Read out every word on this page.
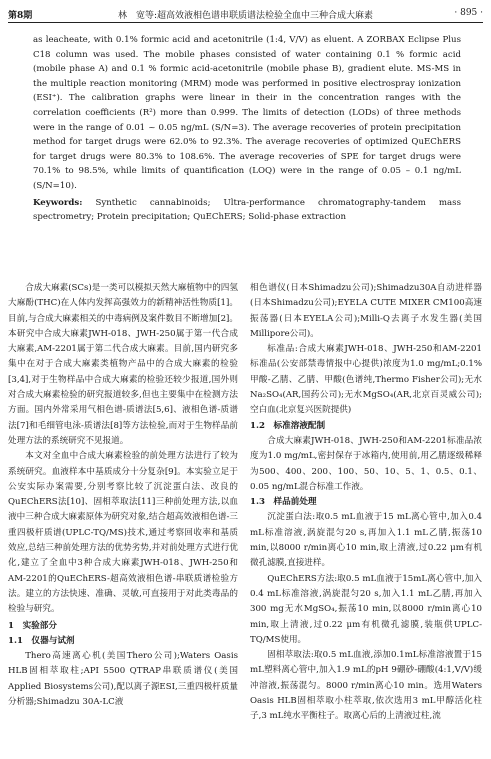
第8期	林　宽等:超高效液相色谱串联质谱法检验全血中三种合成大麻素	· 895 ·

as leacheate, with 0.1% formic acid and acetonitrile (1:4, V/V) as eluent. A ZORBAX Eclipse Plus C18 column was used. The mobile phases consisted of water containing 0.1 % formic acid (mobile phase A) and 0.1 % formic acid-acetonitrile (mobile phase B), gradient elute. MS-MS in the multiple reaction monitoring (MRM) mode was performed in positive electrospray ionization (ESI⁺). The calibration graphs were linear in their in the concentration ranges with the correlation coefficients (R²) more than 0.999. The limits of detection (LODs) of three methods were in the range of 0.01 ~ 0.05 ng/mL (S/N=3). The average recoveries of protein precipitation method for target drugs were 62.0% to 92.3%. The average recoveries of optimized QuEChERS for target drugs were 80.3% to 108.6%. The average recoveries of SPE for target drugs were 70.1% to 98.5%, while limits of quantification (LOQ) were in the range of 0.05 – 0.1 ng/mL (S/N=10).

Keywords: Synthetic cannabinoids; Ultra-performance chromatography-tandem mass spectrometry; Protein precipitation; QuEChERS; Solid-phase extraction

合成大麻素(SCs)是一类可以模拟天然大麻植物中的四氢大麻酚(THC)在人体内发挥高强效力的新精神活性物质[1]。目前,与合成大麻素相关的中毒病例及案件数目不断增加[2]。本研究中合成大麻素JWH-018、JWH-250属于第一代合成大麻素,AM-2201属于第二代合成大麻素。目前,国内研究多集中在对于合成大麻素类植物产品中的合成大麻素的检验[3,4],对于生物样品中合成大麻素的检验还较少报道,国外则对合成大麻素检验的研究报道较多,但也主要集中在检测方法方面。国内外常采用气相色谱-质谱法[5,6]、液相色谱-质谱法[7]和毛细管电泳-质谱法[8]等方法检验,而对于生物样品前处理方法的系统研究不见报道。

本文对全血中合成大麻素检验的前处理方法进行了较为系统研究。血液样本中基质成分十分复杂[9]。本实验立足于公安实际办案需要,分别考察比较了沉淀蛋白法、改良的QuEChERS法[10]、固相萃取法[11]三种前处理方法,以血液中三种合成大麻素原体为研究对象,结合超高效液相色谱-三重四极杆质谱(UPLC-TQ/MS)技术,通过考察回收率和基质效应,总结三种前处理方法的优势劣势,并对前处理方式进行优化,建立了全血中3种合成大麻素JWH-018、JWH-250和AM-2201的QuEChERS-超高效液相色谱-串联质谱检验方法。建立的方法快速、准确、灵敏,可直接用于对此类毒品的检验与研究。

1　实验部分

1.1　仪器与试剂

Thero高速离心机(美国Thero公司);Waters Oasis HLB固相萃取柱;API 5500 QTRAP串联质谱仪(美国Applied Biosystems公司),配以离子源ESI,三重四极杆质量分析器;Shimadzu 30A-LC液

相色谱仪(日本Shimadzu公司);Shimadzu30A自动进样器(日本Shimadzu公司);EYELA CUTE MIXER CM100高速振荡器(日本EYELA公司);Milli-Q去离子水发生器(美国Millipore公司)。

标准品:合成大麻素JWH-018、JWH-250和AM-2201标准品(公安部禁毒情报中心提供)浓度为1.0 mg/mL;0.1%甲酸-乙腈、乙腈、甲酸(色谱纯,Thermo Fisher公司);无水Na₂SO₄(AR,国药公司);无水MgSO₄(AR,北京百灵威公司);空白血(北京复兴医院提供)

1.2　标准溶液配制

合成大麻素JWH-018、JWH-250和AM-2201标准品浓度为1.0 mg/mL,密封保存于冰箱内,使用前,用乙腈逐级稀释为500、400、200、100、50、10、5、1、0.5、0.1、0.05 ng/mL混合标准工作液。

1.3　样品前处理

沉淀蛋白法:取0.5 mL血液于15 mL离心管中,加入0.4 mL标准溶液,涡旋混匀20 s,再加入1.1 mL乙腈,振荡10 min,以8000 r/min离心10 min,取上清液,过0.22 μm有机微孔滤膜,直接进样。

QuEChERS方法:取0.5 mL血液于15mL离心管中,加入0.4 mL标准溶液,涡旋混匀20 s,加入1.1 mL乙腈,再加入300 mg无水MgSO₄,振荡10 min,以8000 r/min离心10 min,取上清液,过0.22 μm有机微孔滤膜,装瓶供UPLC-TQ/MS使用。

固相萃取法:取0.5 mL血液,添加0.1mL标准溶液置于15 mL塑料离心管中,加入1.9 mL的pH 9硼砂-硼酸(4:1,V/V)缓冲溶液,振荡混匀。8000 r/min离心10 min。选用Waters Oasis HLB固相萃取小柱萃取,依次选用3 mL甲醇活化柱子,3 mL纯水平衡柱子。取离心后的上清液过柱,流
